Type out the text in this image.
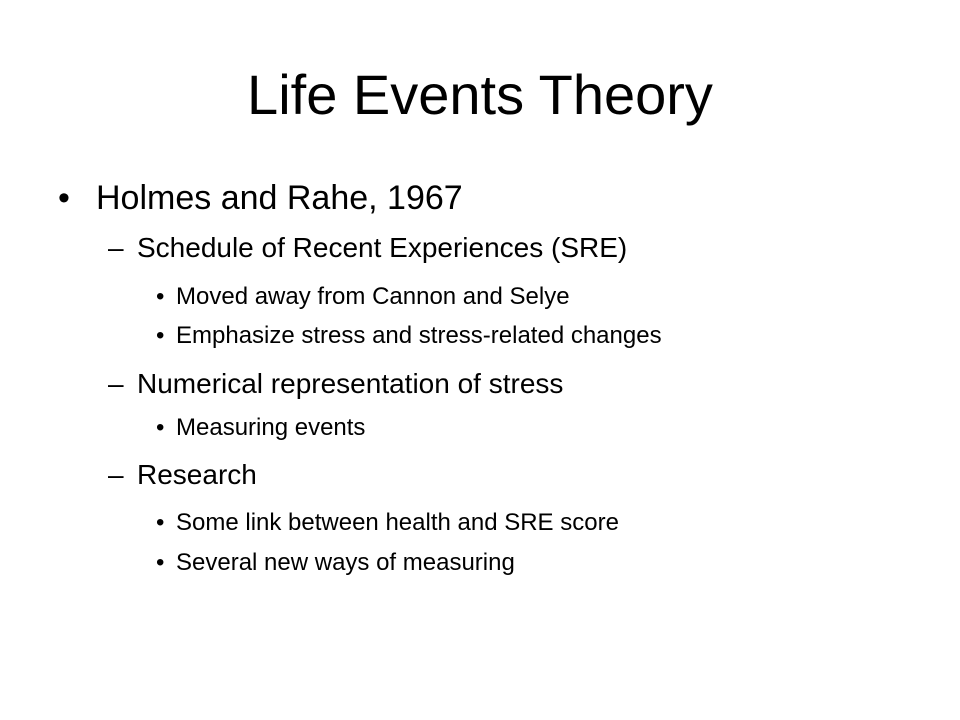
Life Events Theory
• Holmes and Rahe, 1967
– Schedule of Recent Experiences (SRE)
• Moved away from Cannon and Selye
• Emphasize stress and stress-related changes
– Numerical representation of stress
• Measuring events
– Research
• Some link between health and SRE score
• Several new ways of measuring
